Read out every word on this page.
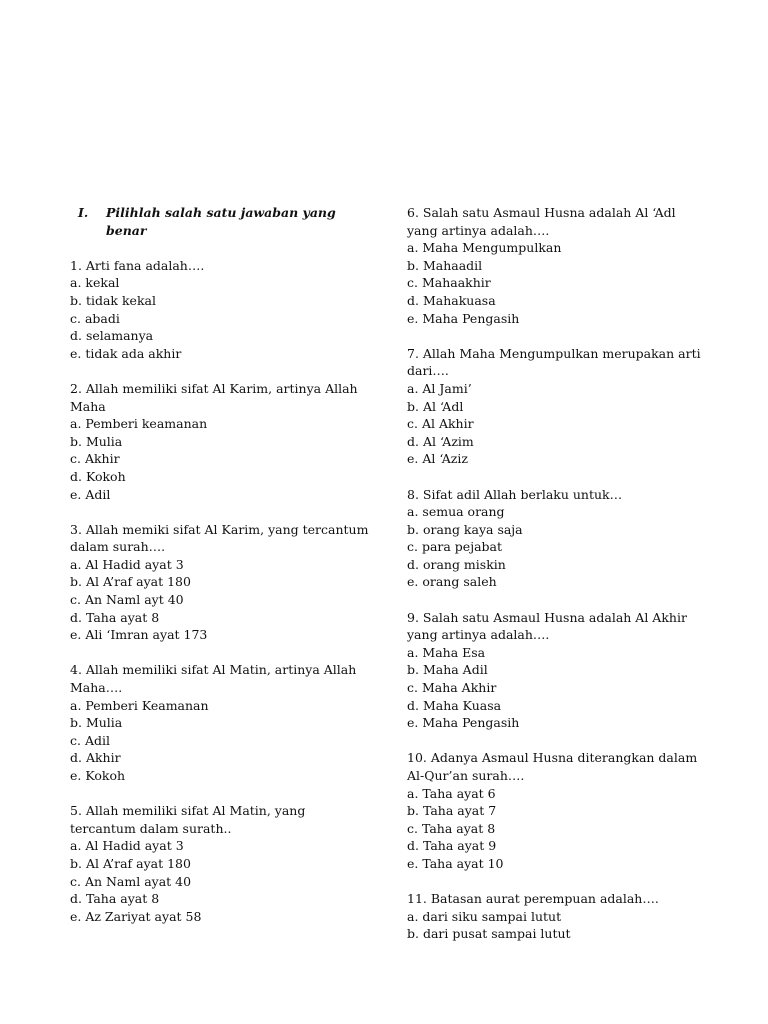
I.	Pilihlah salah satu jawaban yang benar

1. Arti fana adalah….

a. kekal
b. tidak kekal
c. abadi
d. selamanya
e. tidak ada akhir

2. Allah memiliki sifat Al Karim, artinya Allah Maha

a. Pemberi keamanan
b. Mulia
c. Akhir
d. Kokoh
e. Adil

3. Allah memiki sifat Al Karim, yang tercantum dalam surah….

a. Al Hadid ayat 3
b. Al A’raf ayat 180
c. An Naml ayt 40
d. Taha ayat 8
e. Ali ‘Imran ayat 173

4. Allah memiliki sifat Al Matin, artinya Allah Maha….

a. Pemberi Keamanan
b. Mulia
c. Adil
d. Akhir
e. Kokoh

5. Allah memiliki sifat Al Matin, yang tercantum dalam surath..

a. Al Hadid ayat 3
b. Al A’raf ayat 180
c. An Naml ayat 40
d. Taha ayat 8
e. Az Zariyat ayat 58

6. Salah satu Asmaul Husna adalah Al ‘Adl yang artinya adalah….

a. Maha Mengumpulkan
b. Mahaadil
c. Mahaakhir
d. Mahakuasa
e. Maha Pengasih

7. Allah Maha Mengumpulkan merupakan arti dari….

a. Al Jami’
b. Al ‘Adl
c. Al Akhir
d. Al ‘Azim
e. Al ‘Aziz

8. Sifat adil Allah berlaku untuk…

a. semua orang
b. orang kaya saja
c. para pejabat
d. orang miskin
e. orang saleh

9. Salah satu Asmaul Husna adalah Al Akhir yang artinya adalah….

a. Maha Esa
b. Maha Adil
c. Maha Akhir
d. Maha Kuasa
e. Maha Pengasih

10. Adanya Asmaul Husna diterangkan dalam Al-Qur’an surah….

a. Taha ayat 6
b. Taha ayat 7
c. Taha ayat 8
d. Taha ayat 9
e. Taha ayat 10

11. Batasan aurat perempuan adalah….

a. dari siku sampai lutut
b. dari pusat sampai lutut
